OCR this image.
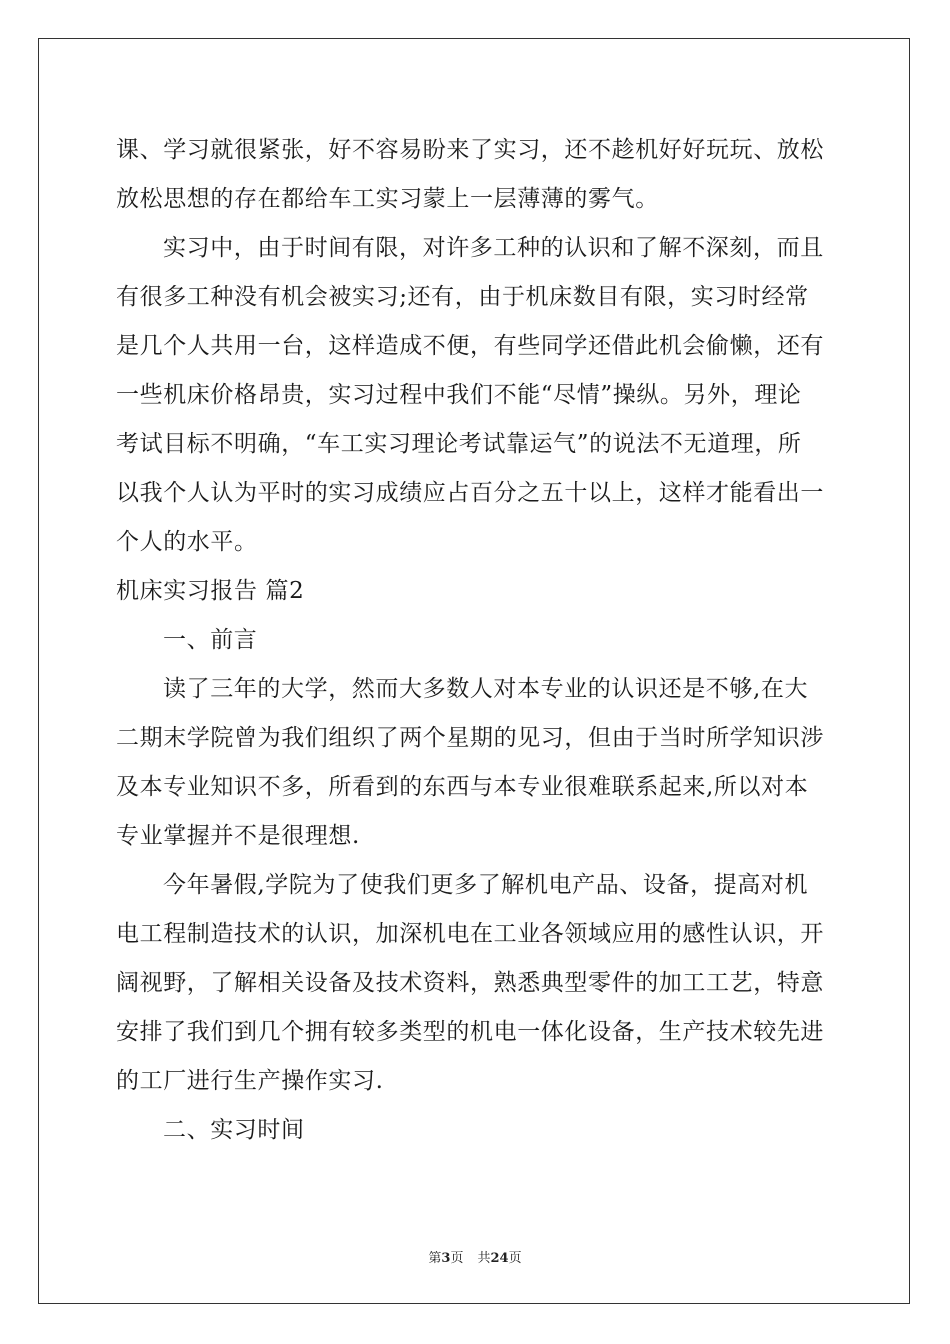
课、学习就很紧张，好不容易盼来了实习，还不趁机好好玩玩、放松
放松思想的存在都给车工实习蒙上一层薄薄的雾气。
实习中，由于时间有限，对许多工种的认识和了解不深刻，而且
有很多工种没有机会被实习;还有，由于机床数目有限，实习时经常
是几个人共用一台，这样造成不便，有些同学还借此机会偷懒，还有
一些机床价格昂贵，实习过程中我们不能“尽情”操纵。另外，理论
考试目标不明确，“车工实习理论考试靠运气”的说法不无道理，所
以我个人认为平时的实习成绩应占百分之五十以上，这样才能看出一
个人的水平。
机床实习报告 篇2
一、前言
读了三年的大学，然而大多数人对本专业的认识还是不够,在大
二期末学院曾为我们组织了两个星期的见习，但由于当时所学知识涉
及本专业知识不多，所看到的东西与本专业很难联系起来,所以对本
专业掌握并不是很理想.
今年暑假,学院为了使我们更多了解机电产品、设备，提高对机
电工程制造技术的认识，加深机电在工业各领域应用的感性认识，开
阔视野，了解相关设备及技术资料，熟悉典型零件的加工工艺，特意
安排了我们到几个拥有较多类型的机电一体化设备，生产技术较先进
的工厂进行生产操作实习.
二、实习时间
第3页 共24页
